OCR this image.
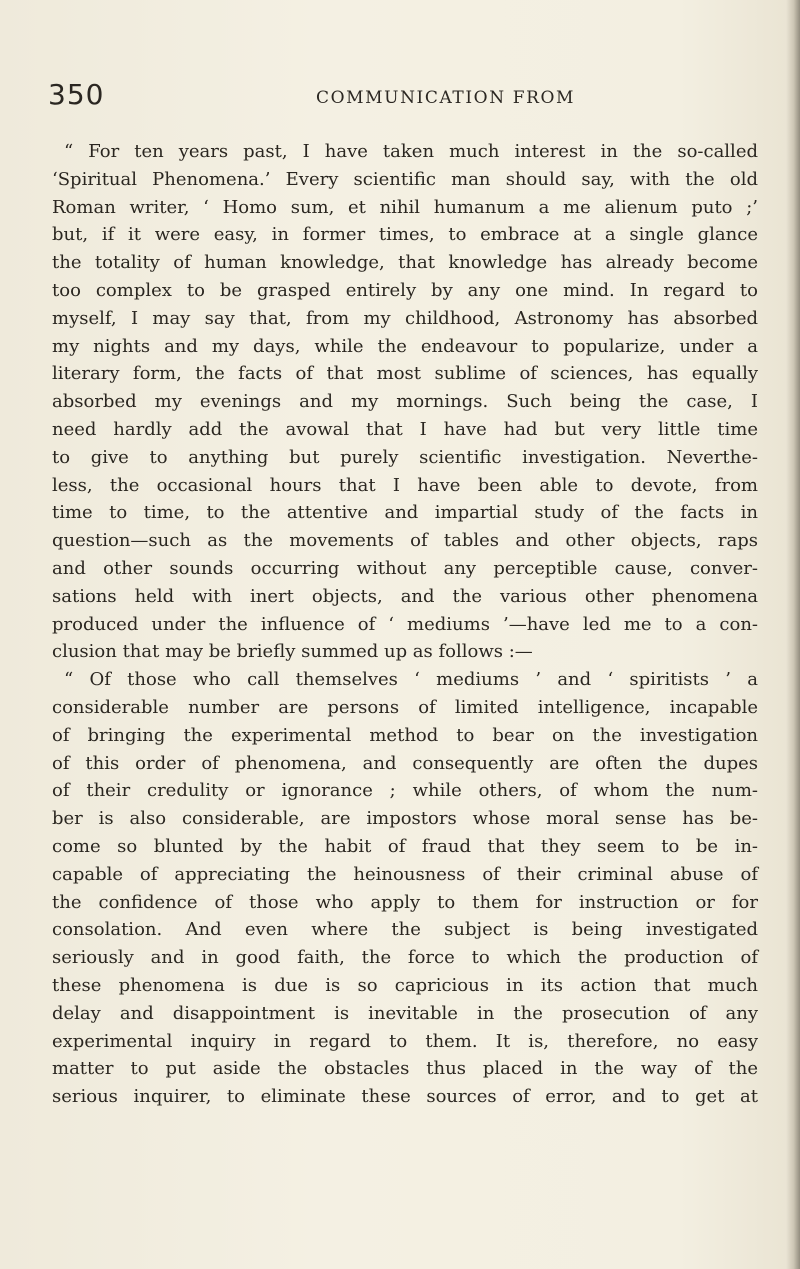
350	COMMUNICATION FROM
“ For ten years past, I have taken much interest in the so-called
‘Spiritual Phenomena.’ Every scientific man should say, with the old
Roman writer, ‘ Homo sum, et nihil humanum a me alienum puto ;’
but, if it were easy, in former times, to embrace at a single glance
the totality of human knowledge, that knowledge has already become
too complex to be grasped entirely by any one mind. In regard to
myself, I may say that, from my childhood, Astronomy has absorbed
my nights and my days, while the endeavour to popularize, under a
literary form, the facts of that most sublime of sciences, has equally
absorbed my evenings and my mornings. Such being the case, I
need hardly add the avowal that I have had but very little time
to give to anything but purely scientific investigation. Neverthe-
less, the occasional hours that I have been able to devote, from
time to time, to the attentive and impartial study of the facts in
question—such as the movements of tables and other objects, raps
and other sounds occurring without any perceptible cause, conver-
sations held with inert objects, and the various other phenomena
produced under the influence of ‘ mediums ’—have led me to a con-
clusion that may be briefly summed up as follows :—
“ Of those who call themselves ‘ mediums ’ and ‘ spiritists ’ a
considerable number are persons of limited intelligence, incapable
of bringing the experimental method to bear on the investigation
of this order of phenomena, and consequently are often the dupes
of their credulity or ignorance ; while others, of whom the num-
ber is also considerable, are impostors whose moral sense has be-
come so blunted by the habit of fraud that they seem to be in-
capable of appreciating the heinousness of their criminal abuse of
the confidence of those who apply to them for instruction or for
consolation. And even where the subject is being investigated
seriously and in good faith, the force to which the production of
these phenomena is due is so capricious in its action that much
delay and disappointment is inevitable in the prosecution of any
experimental inquiry in regard to them. It is, therefore, no easy
matter to put aside the obstacles thus placed in the way of the
serious inquirer, to eliminate these sources of error, and to get at
